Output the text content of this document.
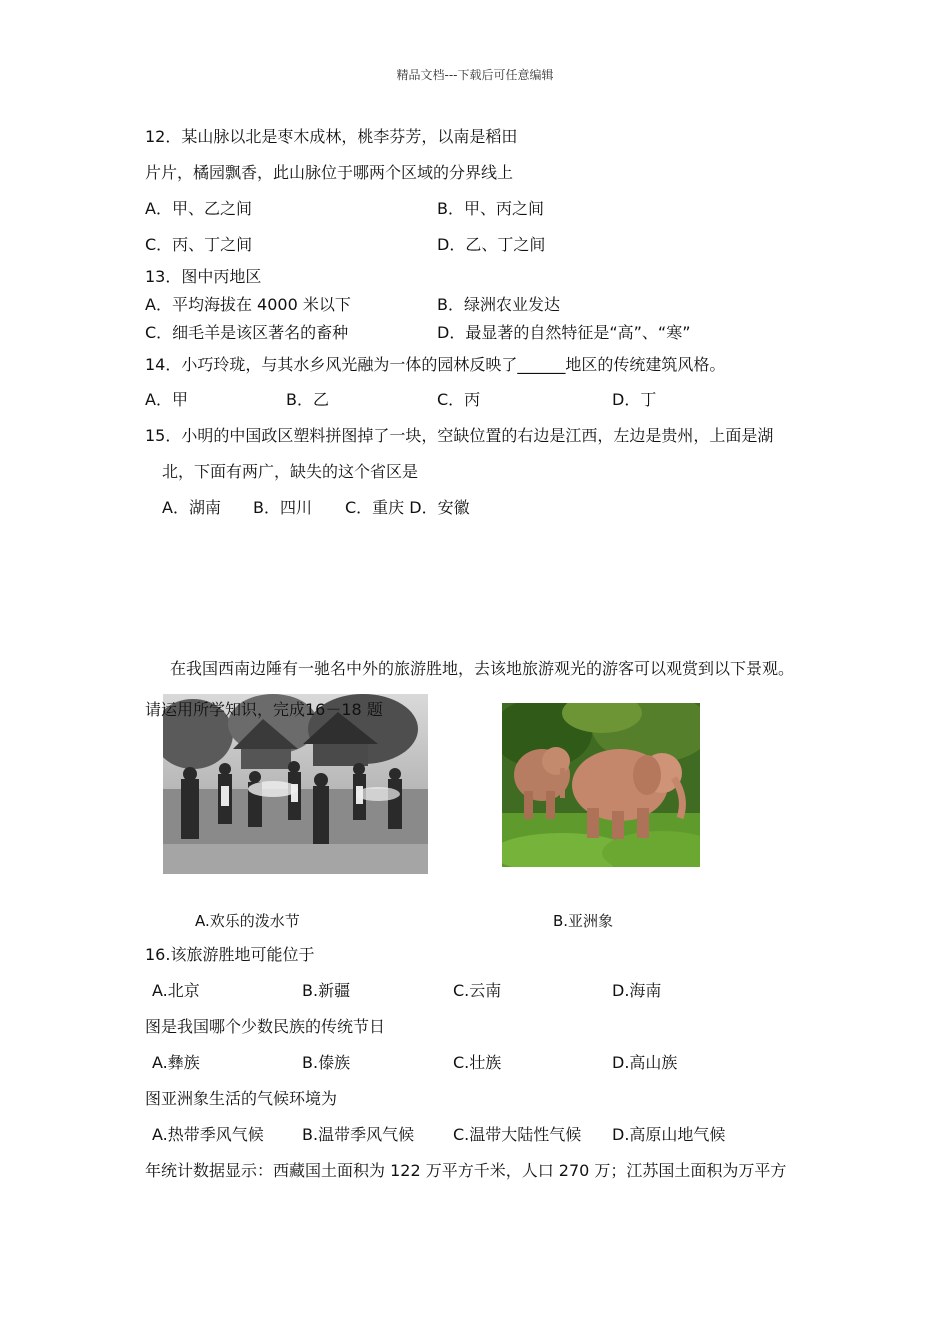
精品文档---下载后可任意编辑
12．某山脉以北是枣木成林，桃李芬芳，以南是稻田
片片，橘园飘香，此山脉位于哪两个区域的分界线上
A．甲、乙之间	B．甲、丙之间
C．丙、丁之间	D．乙、丁之间
13．图中丙地区
A．平均海拔在 4000 米以下	B．绿洲农业发达
C．细毛羊是该区著名的畜种	D．最显著的自然特征是“高”、“寒”
14．小巧玲珑，与其水乡风光融为一体的园林反映了______地区的传统建筑风格。
A．甲	B．乙	C．丙	D．丁
15．小明的中国政区塑料拼图掉了一块，空缺位置的右边是江西，左边是贵州，上面是湖
北，下面有两广，缺失的这个省区是
A．湖南 B．四川 C．重庆 D．安徽
在我国西南边陲有一驰名中外的旅游胜地，去该地旅游观光的游客可以观赏到以下景观。
请运用所学知识，完成16－18 题
A.欢乐的泼水节	B.亚洲象
16.该旅游胜地可能位于
A.北京	B.新疆	C.云南	D.海南
图是我国哪个少数民族的传统节日
A.彝族	B.傣族	C.壮族	D.高山族
图亚洲象生活的气候环境为
A.热带季风气候 B.温带季风气候 C.温带大陆性气候 D.高原山地气候
年统计数据显示：西藏国土面积为 122 万平方千米，人口 270 万；江苏国土面积为万平方
